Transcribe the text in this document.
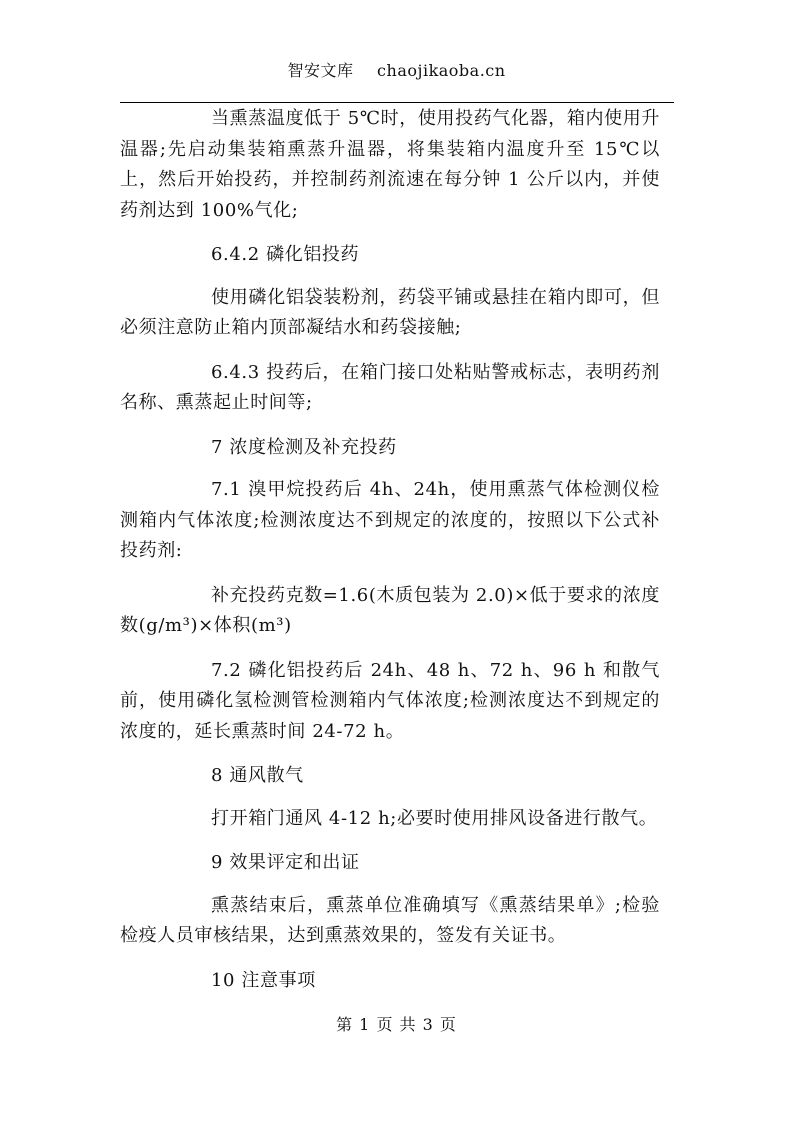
智安文库 chaojikaoba.cn

当熏蒸温度低于 5℃时，使用投药气化器，箱内使用升温器;先启动集装箱熏蒸升温器，将集装箱内温度升至 15℃以上，然后开始投药，并控制药剂流速在每分钟 1 公斤以内，并使药剂达到 100%气化;

6.4.2 磷化铝投药

使用磷化铝袋装粉剂，药袋平铺或悬挂在箱内即可，但必须注意防止箱内顶部凝结水和药袋接触;

6.4.3 投药后，在箱门接口处粘贴警戒标志，表明药剂名称、熏蒸起止时间等;

7 浓度检测及补充投药

7.1 溴甲烷投药后 4h、24h，使用熏蒸气体检测仪检测箱内气体浓度;检测浓度达不到规定的浓度的，按照以下公式补投药剂:

补充投药克数=1.6(木质包装为 2.0)×低于要求的浓度数(g/m³)×体积(m³)

7.2 磷化铝投药后 24h、48 h、72 h、96 h 和散气前，使用磷化氢检测管检测箱内气体浓度;检测浓度达不到规定的浓度的，延长熏蒸时间 24-72 h。

8 通风散气

打开箱门通风 4-12 h;必要时使用排风设备进行散气。

9 效果评定和出证

熏蒸结束后，熏蒸单位准确填写《熏蒸结果单》;检验检疫人员审核结果，达到熏蒸效果的，签发有关证书。

10 注意事项

第 1 页 共 3 页
